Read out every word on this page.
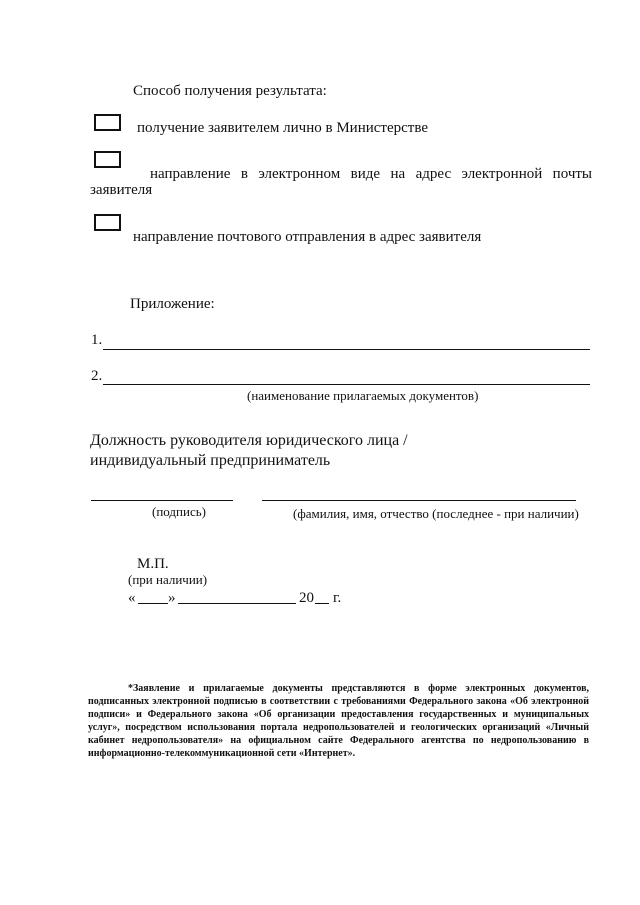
Способ получения результата:
получение заявителем лично в Министерстве
направление в электронном виде на адрес электронной почты
заявителя
направление почтового отправления в адрес заявителя
Приложение:
1.
2.
(наименование прилагаемых документов)
Должность руководителя юридического лица /
индивидуальный предприниматель
(подпись)	(фамилия, имя, отчество (последнее - при наличии)
М.П.
(при наличии)
« »	20 г.
*Заявление и прилагаемые документы представляются в форме электронных документов,
подписанных электронной подписью в соответствии с требованиями Федерального закона «Об электронной
подписи» и Федерального закона «Об организации предоставления государственных и муниципальных
услуг», посредством использования портала недропользователей и геологических организаций «Личный
кабинет недропользователя» на официальном сайте Федерального агентства по недропользованию в
информационно-телекоммуникационной сети «Интернет».
